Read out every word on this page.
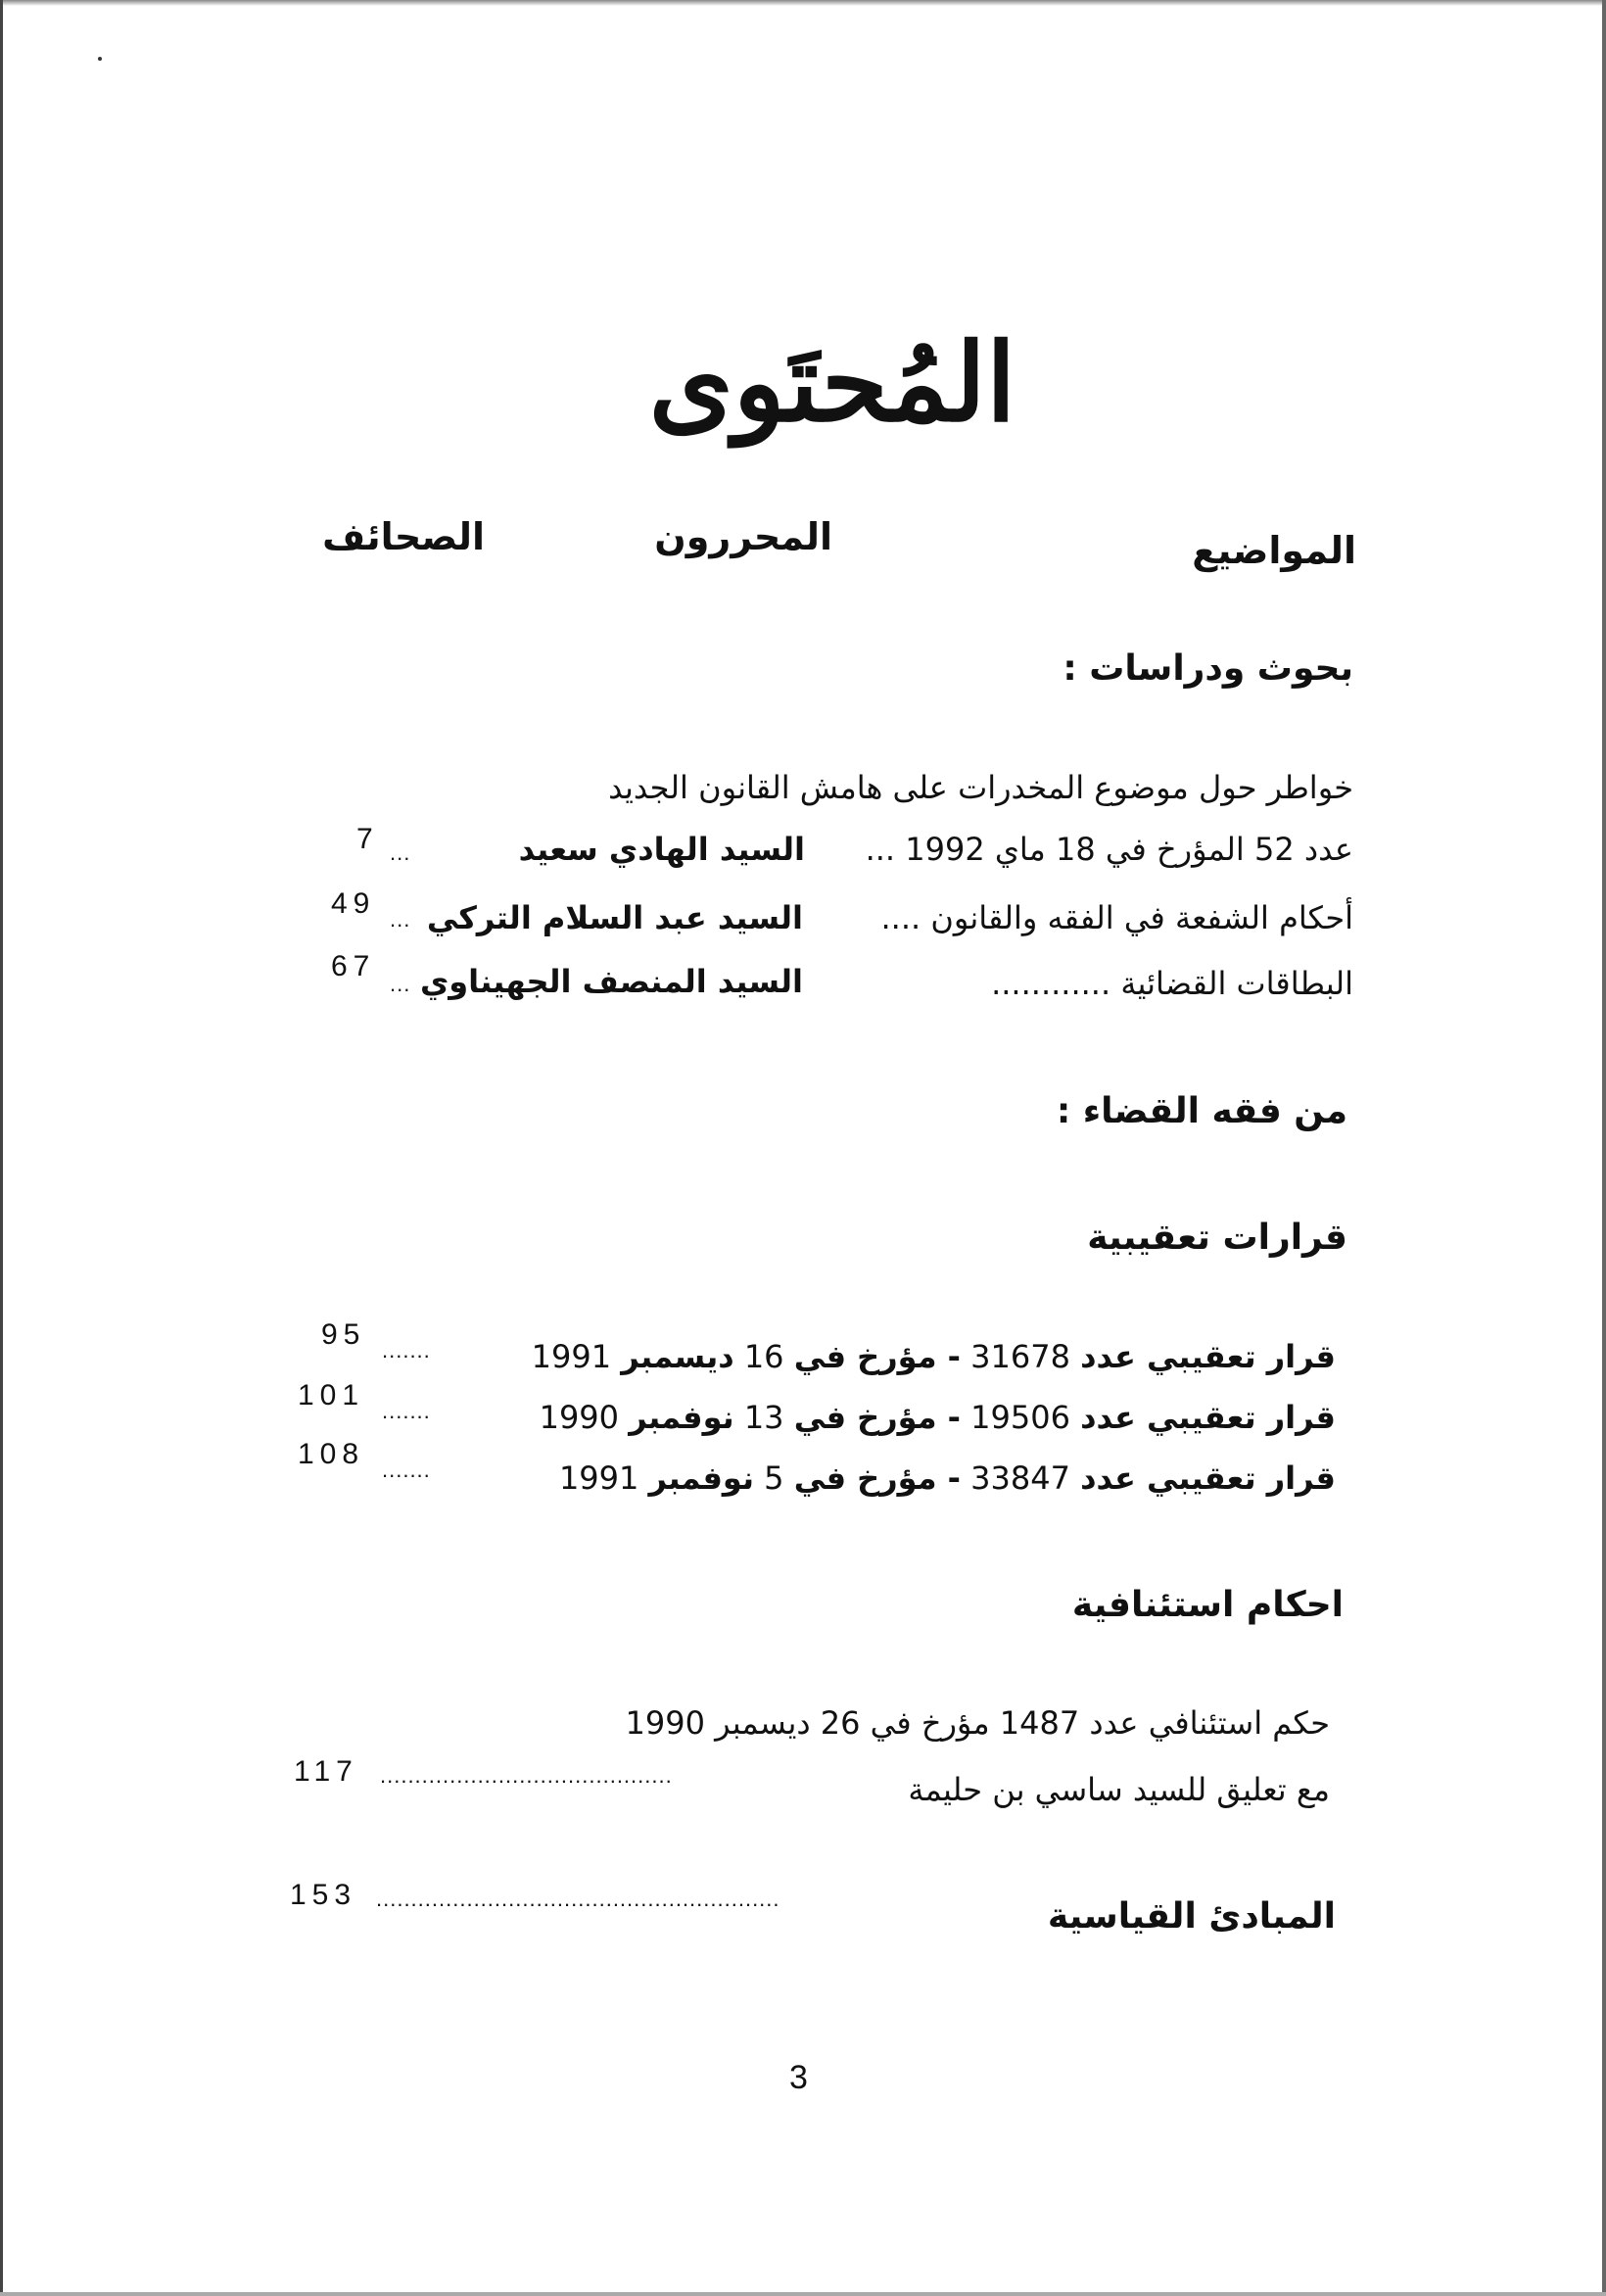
المُحتَوى
المواضيع
المحررون
الصحائف
بحوث ودراسات :
خواطر حول موضوع المخدرات على هامش القانون الجديد
عدد 52 المؤرخ في 18 ماي 1992 ...
السيد الهادي سعيد
...
7
أحكام الشفعة في الفقه والقانون ....
السيد عبد السلام التركي
...
49
البطاقات القضائية ............
السيد المنصف الجهيناوي
...
67
من فقه القضاء :
قرارات تعقيبية
قرار تعقيبي عدد 31678 - مؤرخ في 16 ديسمبر 1991
.......
95
قرار تعقيبي عدد 19506 - مؤرخ في 13 نوفمبر 1990
.......
101
قرار تعقيبي عدد 33847 - مؤرخ في 5 نوفمبر 1991
.......
108
احكام استئنافية
حكم استئنافي عدد 1487 مؤرخ في 26 ديسمبر 1990
مع تعليق للسيد ساسي بن حليمة
..........................................
117
المبادئ القياسية
..........................................................
153
3
